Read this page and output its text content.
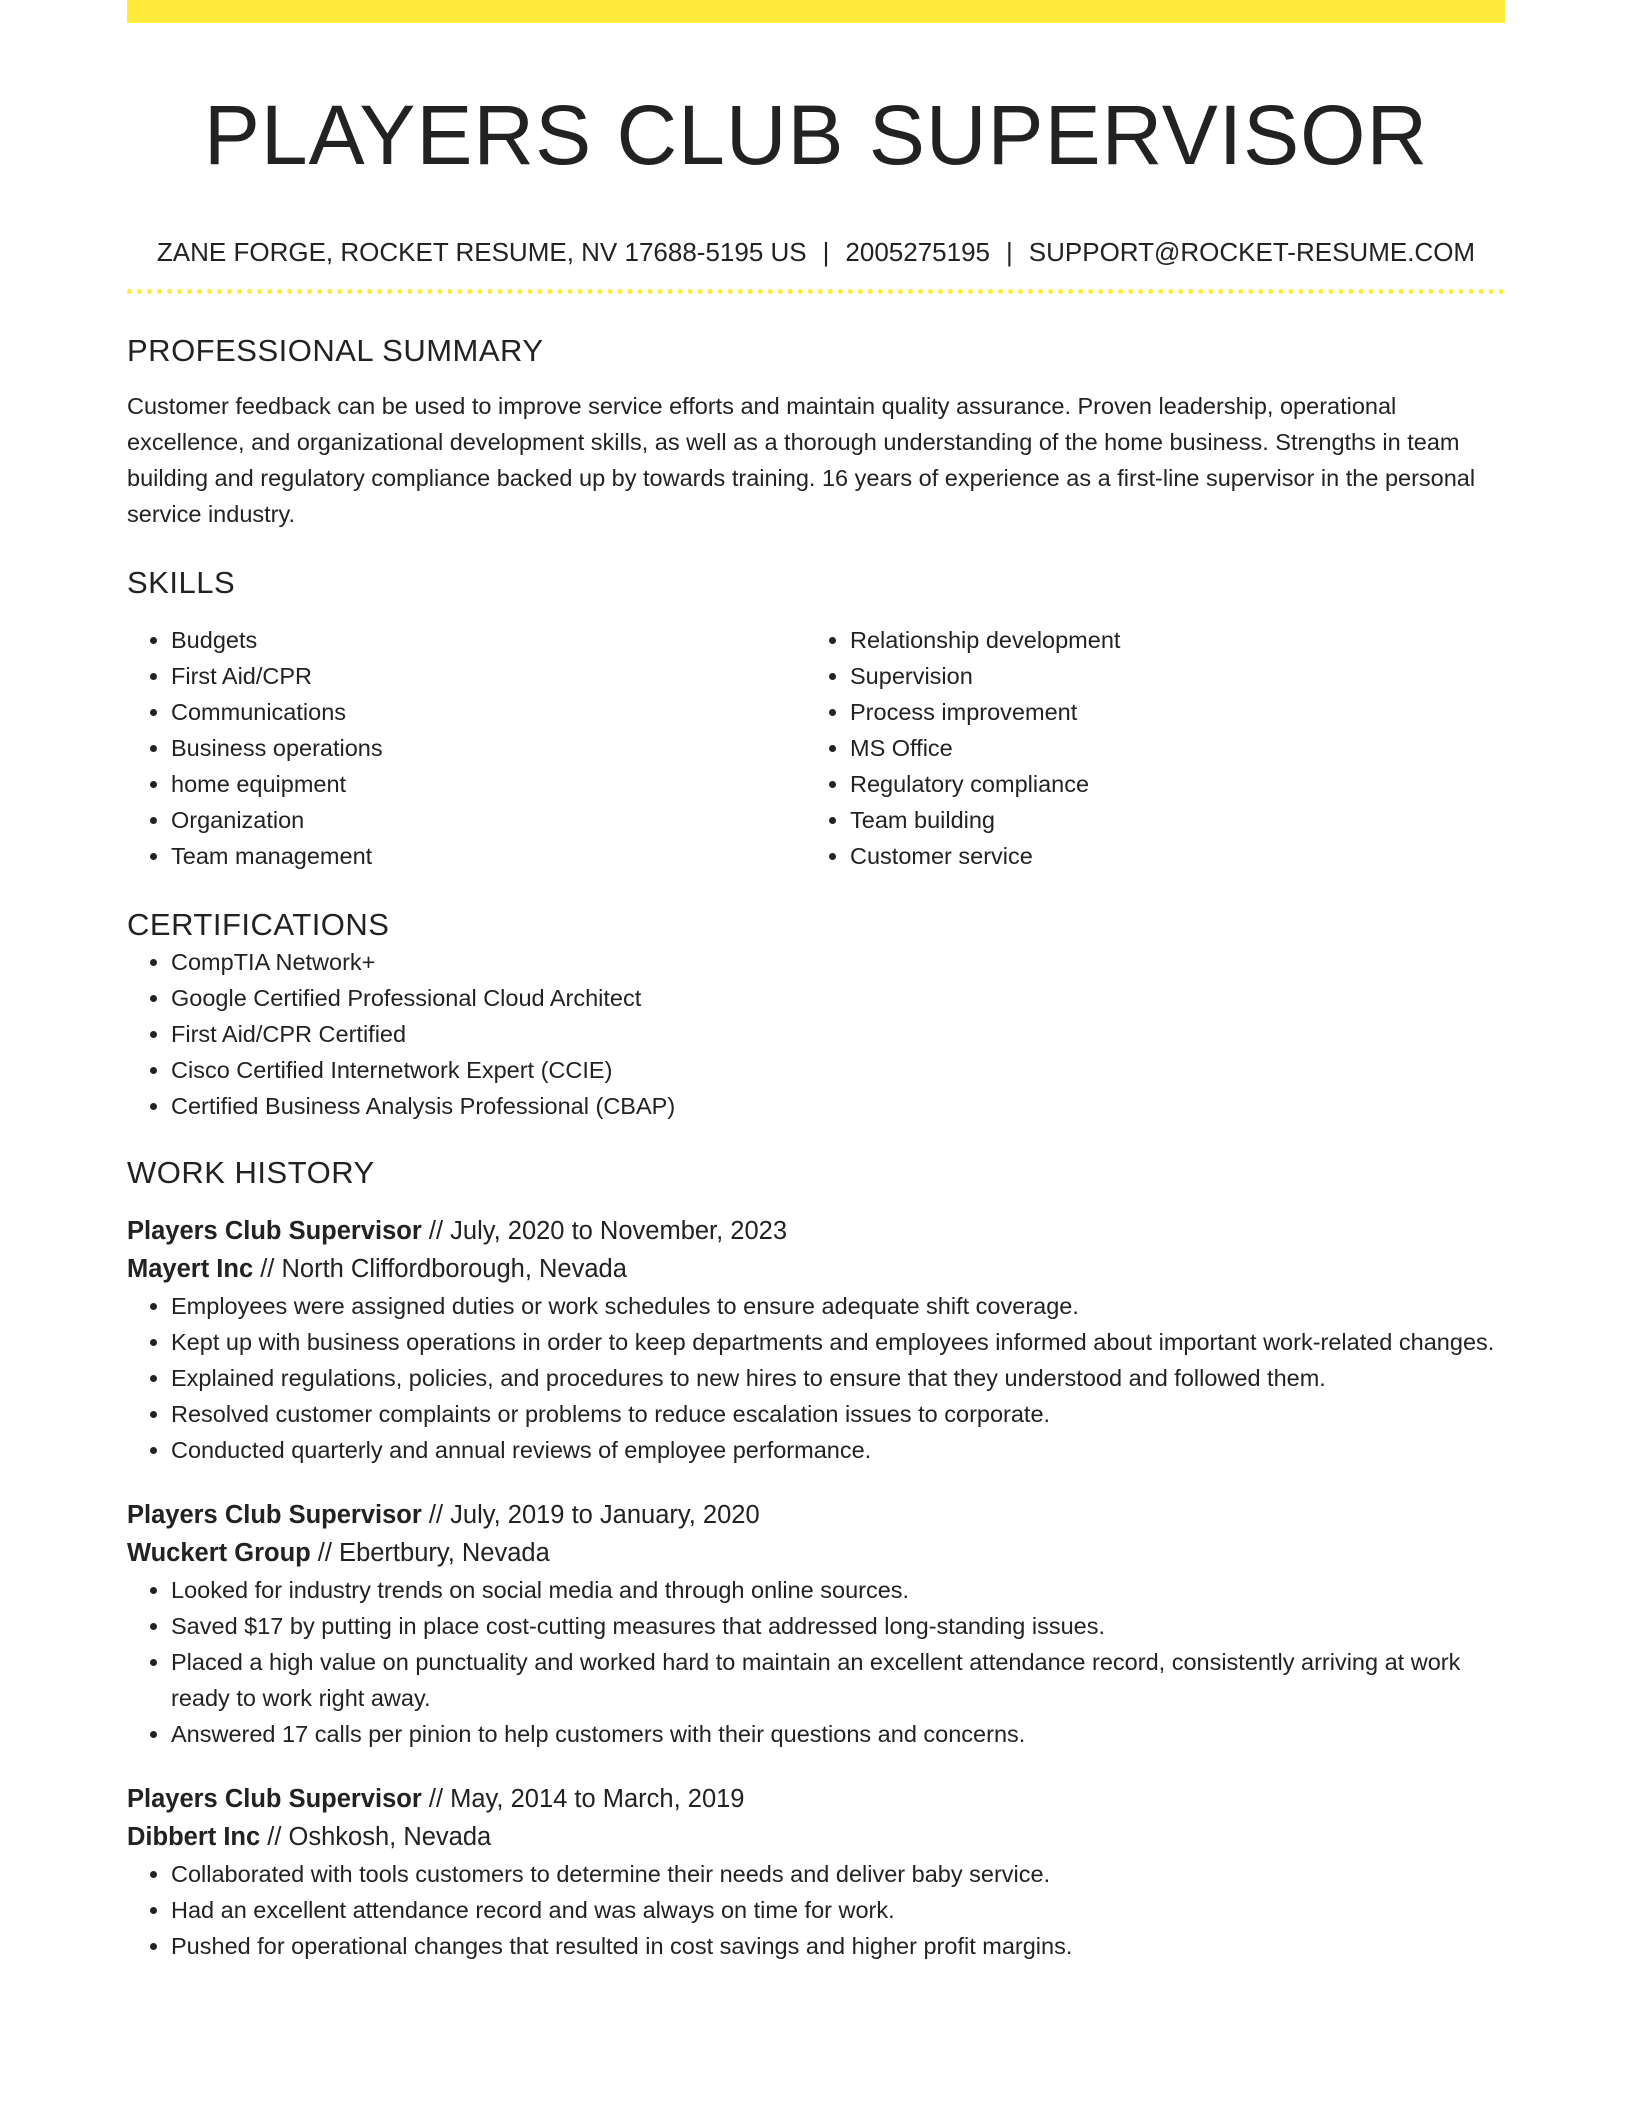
PLAYERS CLUB SUPERVISOR
ZANE FORGE, ROCKET RESUME, NV 17688-5195 US | 2005275195 | SUPPORT@ROCKET-RESUME.COM
PROFESSIONAL SUMMARY

Customer feedback can be used to improve service efforts and maintain quality assurance. Proven leadership, operational excellence, and organizational development skills, as well as a thorough understanding of the home business. Strengths in team building and regulatory compliance backed up by towards training. 16 years of experience as a first-line supervisor in the personal service industry.

SKILLS
• Budgets
• First Aid/CPR
• Communications
• Business operations
• home equipment
• Organization
• Team management
• Relationship development
• Supervision
• Process improvement
• MS Office
• Regulatory compliance
• Team building
• Customer service
CERTIFICATIONS
• CompTIA Network+
• Google Certified Professional Cloud Architect
• First Aid/CPR Certified
• Cisco Certified Internetwork Expert (CCIE)
• Certified Business Analysis Professional (CBAP)
WORK HISTORY
Players Club Supervisor // July, 2020 to November, 2023
Mayert Inc // North Cliffordborough, Nevada
• Employees were assigned duties or work schedules to ensure adequate shift coverage.
• Kept up with business operations in order to keep departments and employees informed about important work-related changes.
• Explained regulations, policies, and procedures to new hires to ensure that they understood and followed them.
• Resolved customer complaints or problems to reduce escalation issues to corporate.
• Conducted quarterly and annual reviews of employee performance.
Players Club Supervisor // July, 2019 to January, 2020
Wuckert Group // Ebertbury, Nevada
• Looked for industry trends on social media and through online sources.
• Saved $17 by putting in place cost-cutting measures that addressed long-standing issues.
• Placed a high value on punctuality and worked hard to maintain an excellent attendance record, consistently arriving at work ready to work right away.
• Answered 17 calls per pinion to help customers with their questions and concerns.
Players Club Supervisor // May, 2014 to March, 2019
Dibbert Inc // Oshkosh, Nevada
• Collaborated with tools customers to determine their needs and deliver baby service.
• Had an excellent attendance record and was always on time for work.
• Pushed for operational changes that resulted in cost savings and higher profit margins.
